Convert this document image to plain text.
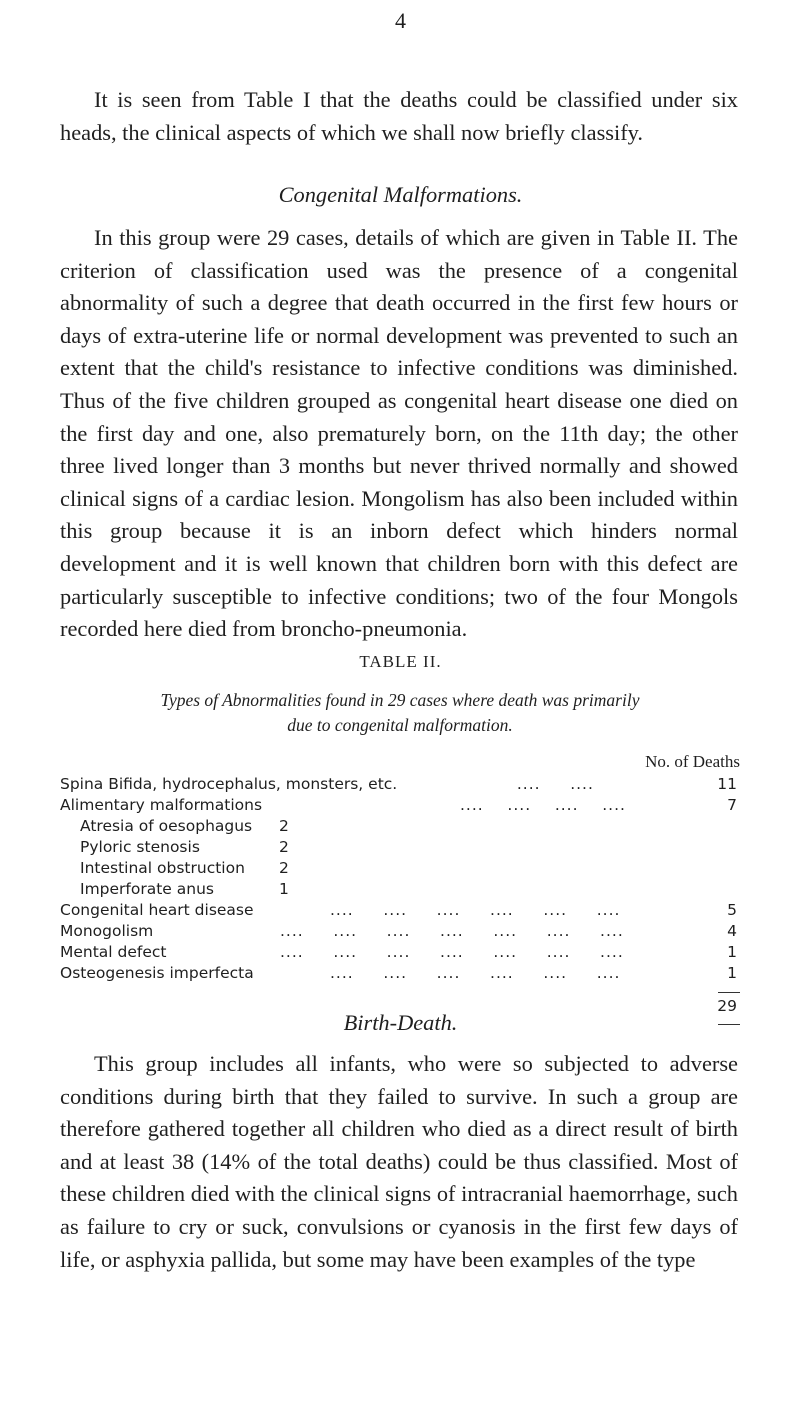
4

It is seen from Table I that the deaths could be classified under six heads, the clinical aspects of which we shall now briefly classify.

Congenital Malformations.

In this group were 29 cases, details of which are given in Table II. The criterion of classification used was the presence of a congenital abnormality of such a degree that death occurred in the first few hours or days of extra-uterine life or normal development was prevented to such an extent that the child's resistance to infective conditions was diminished. Thus of the five children grouped as congenital heart disease one died on the first day and one, also prematurely born, on the 11th day; the other three lived longer than 3 months but never thrived normally and showed clinical signs of a cardiac lesion. Mongolism has also been included within this group because it is an inborn defect which hinders normal development and it is well known that children born with this defect are particularly susceptible to infective conditions; two of the four Mongols recorded here died from broncho-pneumonia.

TABLE II.
Types of Abnormalities found in 29 cases where death was primarily
due to congenital malformation.
No. of Deaths
Spina Bifida, hydrocephalus, monsters, etc.	....     ....	11
Alimentary malformations	....    ....    ....    ....	7
Atresia of oesophagus 2
Pyloric stenosis	2
Intestinal obstruction 2
Imperforate anus	1
Congenital heart disease	....     ....     ....     ....     ....     ....	5
Monogolism	....     ....     ....     ....     ....     ....     ....	4
Mental defect	....     ....     ....     ....     ....     ....     ....	1
Osteogenesis imperfecta	....     ....     ....     ....     ....     ....	1
29
Birth-Death.

This group includes all infants, who were so subjected to adverse conditions during birth that they failed to survive. In such a group are therefore gathered together all children who died as a direct result of birth and at least 38 (14% of the total deaths) could be thus classified. Most of these children died with the clinical signs of intracranial haemorrhage, such as failure to cry or suck, convulsions or cyanosis in the first few days of life, or asphyxia pallida, but some may have been examples of the type
